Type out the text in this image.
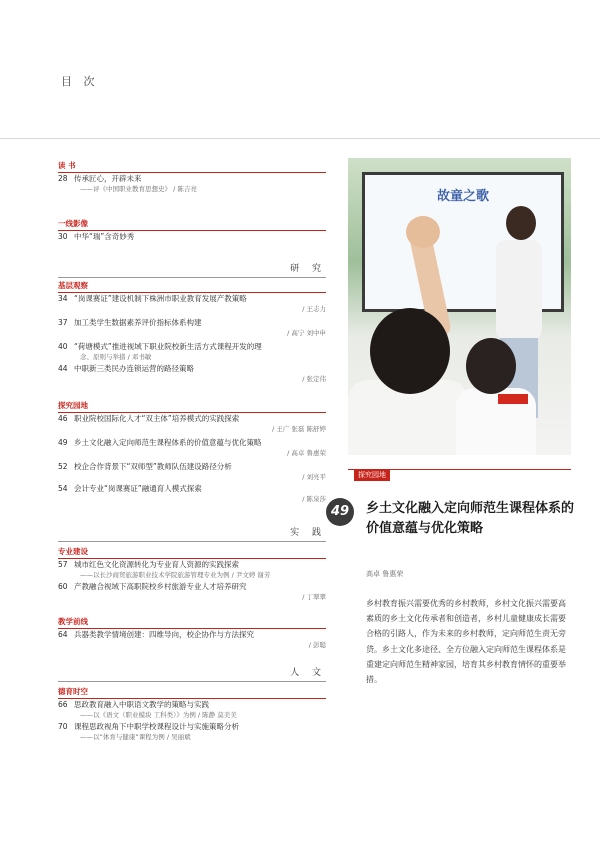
目 次
读 书
28 传承匠心，开辟未来
——评《中国职业教育思想史》 / 陈吉亮
一线影像
30 中华“瑞”含奇妙秀
研 究
基层观察
34 “岗课赛证”建设机制下株洲市职业教育发展产教策略
/ 王志力
37 加工类学生数据素养评价指标体系构建
/ 高宁 刘中申
40 “荷塘模式”推进视域下职业院校新生活方式课程开发的理
念、原则与举措 / 邓书敏
44 中职新三类民办连锁运营的路径策略
/ 张定伟
探究园地
46 职业院校国际化人才“双主体”培养模式的实践探索
/ 王广 张磊 陈舒婷
49 乡土文化融入定向师范生课程体系的价值意蕴与优化策略
/ 高卓 鲁惠荣
52 校企合作背景下“双师型”教师队伍建设路径分析
/ 刘亮平
54 会计专业“岗课赛证”融通育人模式探索
/ 陈泉莎
实 践
专业建设
57 城市红色文化资源转化为专业育人资源的实践探索
——以长沙商贸旅游职业技术学院旅游管理专业为例 / 尹文婷 谢芳
60 产教融合视域下高职院校乡村旅游专业人才培养研究
/ 丁翠翠
教学前线
64 兵器类教学情境创建：四维导向，校企协作与方法探究
/ 彭聪
人 文
德育时空
66 思政教育融入中职语文教学的策略与实践
——以《语文（职业模块 工科类）》为例 / 陈静 莫美美
70 课程思政视角下中职学校课程设计与实施策略分析
——以“体育与健康”课程为例 / 吴丽斌
故童之歌
探究园地
49	乡土文化融入定向师范生课程体系的价值意蕴与优化策略
高卓 鲁惠荣
乡村教育振兴需要优秀的乡村教师，乡村文化振兴需要高素质的乡土文化传承者和创造者，乡村儿童健康成长需要合格的引路人，作为未来的乡村教师，定向师范生责无旁贷。乡土文化多途径、全方位融入定向师范生课程体系是重建定向师范生精神家园，培育其乡村教育情怀的重要举措。
